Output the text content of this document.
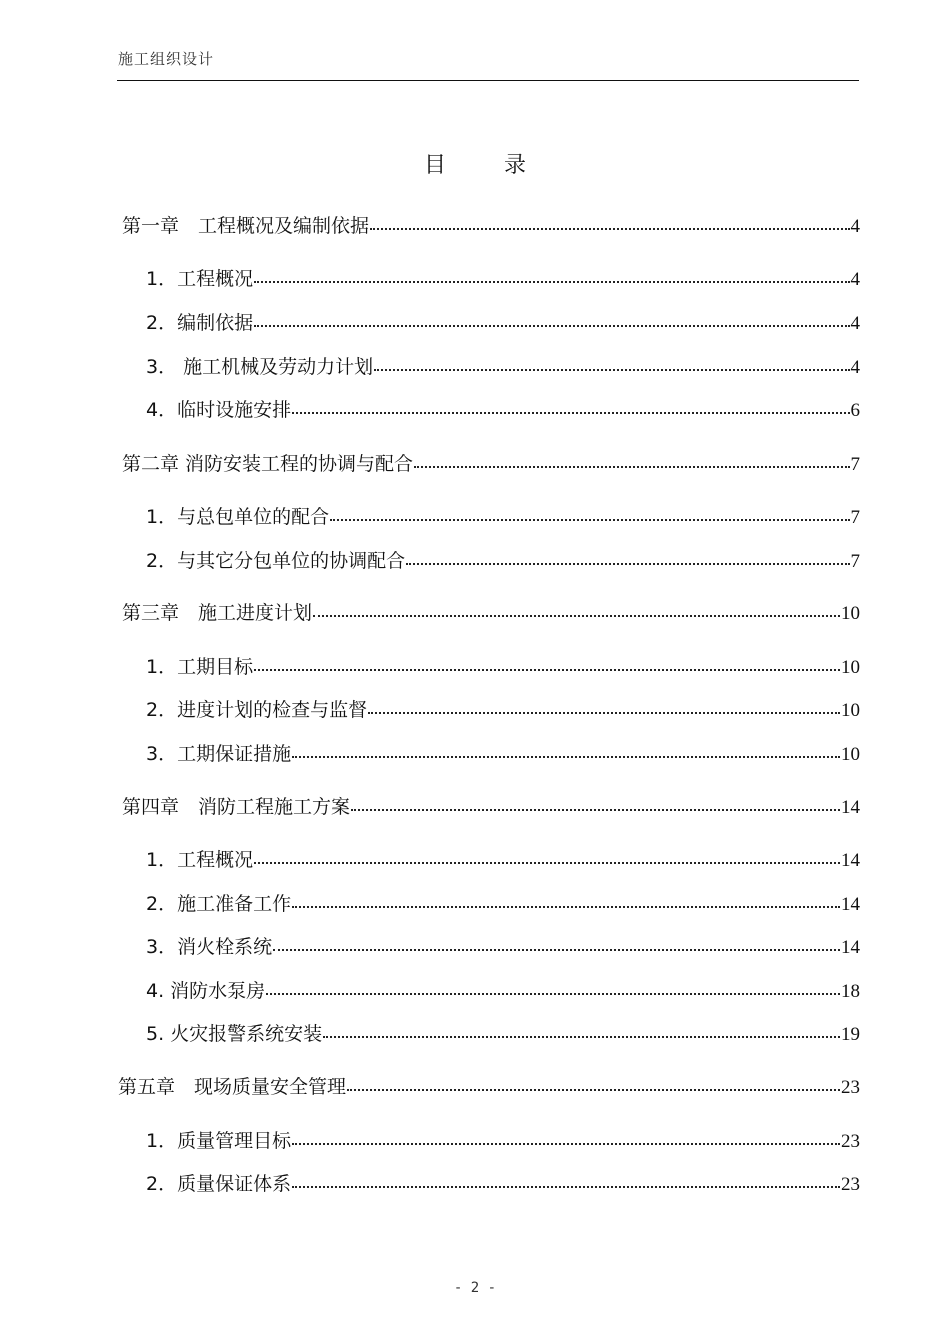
施工组织设计
目	录
第一章　工程概况及编制依据	4
1．工程概况	4
2．编制依据	4
3． 施工机械及劳动力计划	4
4．临时设施安排	6
第二章 消防安装工程的协调与配合	7
1．与总包单位的配合	7
2．与其它分包单位的协调配合	7
第三章　施工进度计划	10
1．工期目标	10
2．进度计划的检查与监督	10
3．工期保证措施	10
第四章　消防工程施工方案	14
1．工程概况	14
2．施工准备工作	14
3．消火栓系统	14
4. 消防水泵房	18
5. 火灾报警系统安装	19
第五章　现场质量安全管理	23
1．质量管理目标	23
2．质量保证体系	23
- 2 -
